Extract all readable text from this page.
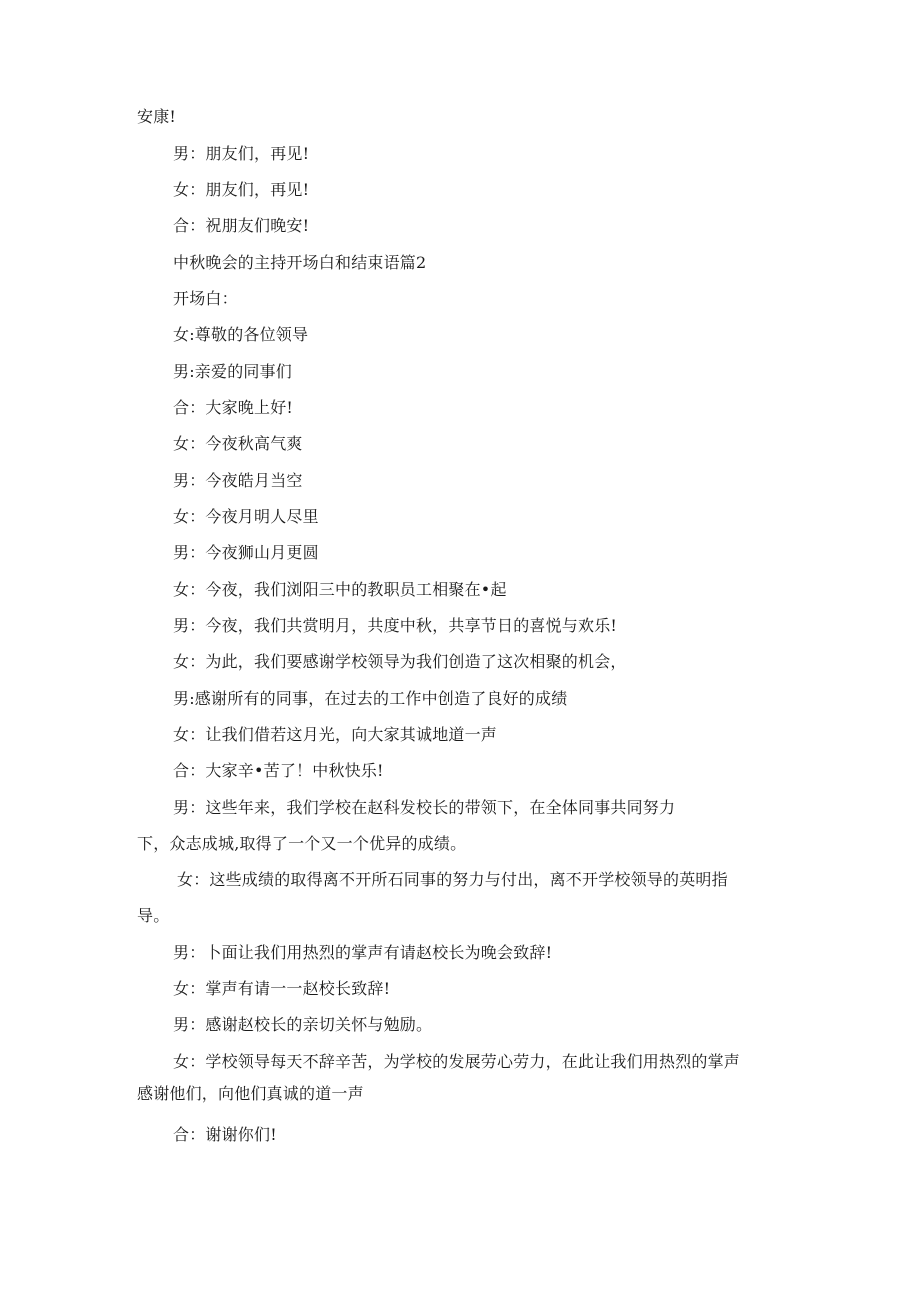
安康!
男：朋友们，再见!
女：朋友们，再见!
合：祝朋友们晚安!
中秋晚会的主持开场白和结束语篇2
开场白：
女:尊敬的各位领导
男:亲爱的同事们
合：大家晚上好!
女：今夜秋高气爽
男：今夜皓月当空
女：今夜月明人尽里
男：今夜狮山月更圆
女：今夜，我们浏阳三中的教职员工相聚在•起
男：今夜，我们共赏明月，共度中秋，共享节日的喜悦与欢乐!
女：为此，我们要感谢学校领导为我们创造了这次相聚的机会，
男:感谢所有的同事，在过去的工作中创造了良好的成绩
女：让我们借若这月光，向大家其诚地道一声
合：大家辛•苦了！中秋快乐!
男：这些年来，我们学校在赵科发校长的带领下，在全体同事共同努力
下，众志成城,取得了一个又一个优异的成绩。
女：这些成绩的取得离不开所石同事的努力与付出，离不开学校领导的英明指
导。
男：卜面让我们用热烈的掌声有请赵校长为晚会致辞!
女：掌声有请一一赵校长致辞!
男：感谢赵校长的亲切关怀与勉励。
女：学校领导每天不辞辛苦，为学校的发展劳心劳力，在此让我们用热烈的掌声
感谢他们，向他们真诚的道一声
合：谢谢你们!
